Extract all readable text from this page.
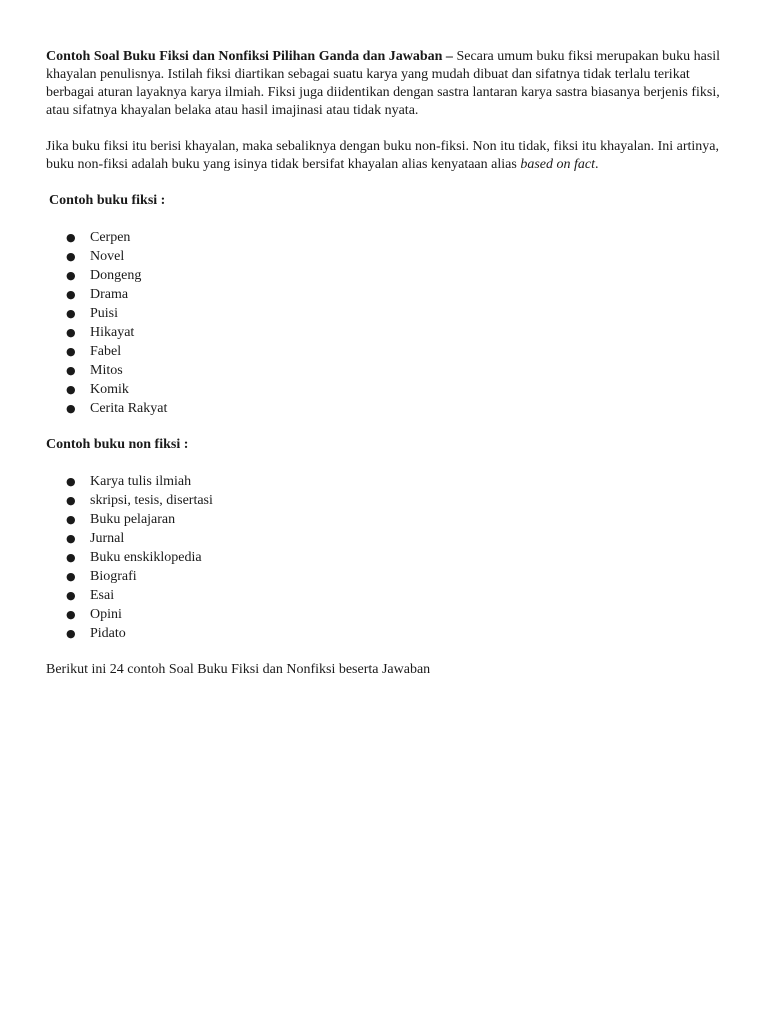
Contoh Soal Buku Fiksi dan Nonfiksi Pilihan Ganda dan Jawaban – Secara umum buku fiksi merupakan buku hasil khayalan penulisnya. Istilah fiksi diartikan sebagai suatu karya yang mudah dibuat dan sifatnya tidak terlalu terikat berbagai aturan layaknya karya ilmiah. Fiksi juga diidentikan dengan sastra lantaran karya sastra biasanya berjenis fiksi, atau sifatnya khayalan belaka atau hasil imajinasi atau tidak nyata.

Jika buku fiksi itu berisi khayalan, maka sebaliknya dengan buku non-fiksi. Non itu tidak, fiksi itu khayalan. Ini artinya, buku non-fiksi adalah buku yang isinya tidak bersifat khayalan alias kenyataan alias based on fact.

Contoh buku fiksi :

● Cerpen
● Novel
● Dongeng
● Drama
● Puisi
● Hikayat
● Fabel
● Mitos
● Komik
● Cerita Rakyat

Contoh buku non fiksi :

● Karya tulis ilmiah
● skripsi, tesis, disertasi
● Buku pelajaran
● Jurnal
● Buku enskiklopedia
● Biografi
● Esai
● Opini
● Pidato

Berikut ini 24 contoh Soal Buku Fiksi dan Nonfiksi beserta Jawaban
